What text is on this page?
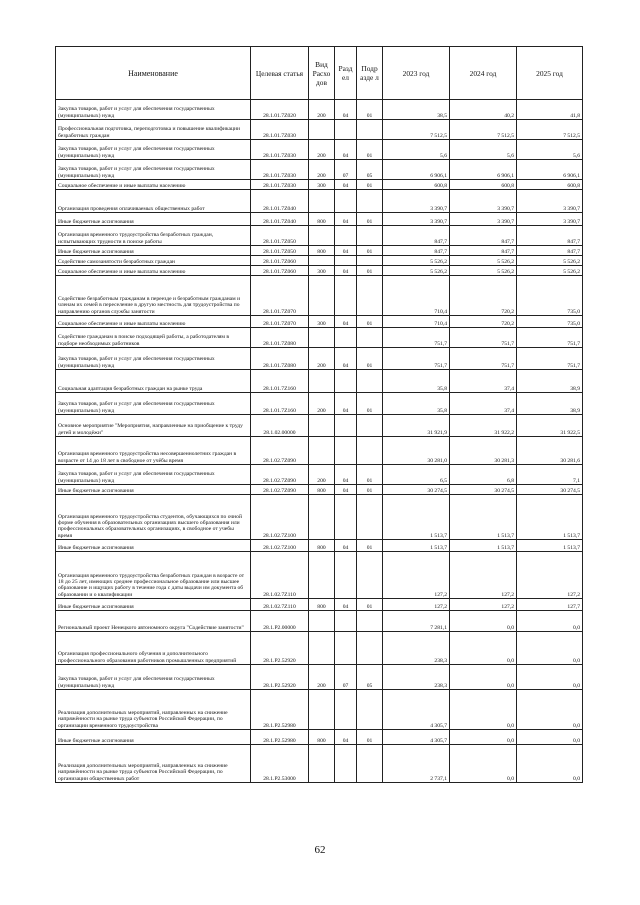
Наименование	Целевая статья	Вид Расхо дов	Разд ел	Подр азде л	2023 год	2024 год	2025 год
Закупка товаров, работ и услуг для обеспечения государственных (муниципальных) нужд	28.1.01.7Z020	200	04	01	38,5	40,2	41,8
Профессиональная подготовка, переподготовка и повышение квалификации безработных граждан	28.1.01.7Z030				7 512,5	7 512,5	7 512,5
Закупка товаров, работ и услуг для обеспечения государственных (муниципальных) нужд	28.1.01.7Z030	200	04	01	5,6	5,6	5,6
Закупка товаров, работ и услуг для обеспечения государственных (муниципальных) нужд	28.1.01.7Z030	200	07	05	6 906,1	6 906,1	6 906,1
Социальное обеспечение и иные выплаты населению	28.1.01.7Z030	300	04	01	600,8	600,8	600,8
Организация проведения оплачиваемых общественных работ	28.1.01.7Z040				3 390,7	3 390,7	3 390,7
Иные бюджетные ассигнования	28.1.01.7Z040	800	04	01	3 390,7	3 390,7	3 390,7
Организация временного трудоустройства безработных граждан, испытывающих трудности в поиске работы	28.1.01.7Z050				847,7	847,7	847,7
Иные бюджетные ассигнования	28.1.01.7Z050	800	04	01	847,7	847,7	847,7
Содействие самозанятости безработных граждан	28.1.01.7Z060				5 526,2	5 526,2	5 526,2
Социальное обеспечение и иные выплаты населению	28.1.01.7Z060	300	04	01	5 526,2	5 526,2	5 526,2
Содействие безработным гражданам в переезде и безработным гражданам и членам их семей в переселение в другую местность для трудоустройства по направлению органов службы занятости	28.1.01.7Z070				710,4	720,2	735,0
Социальное обеспечение и иные выплаты населению	28.1.01.7Z070	300	04	01	710,4	720,2	735,0
Содействие гражданам в поиске подходящей работы, а работодателям в подборе необходимых работников	28.1.01.7Z080				751,7	751,7	751,7
Закупка товаров, работ и услуг для обеспечения государственных (муниципальных) нужд	28.1.01.7Z080	200	04	01	751,7	751,7	751,7
Социальная адаптация безработных граждан на рынке труда	28.1.01.7Z160				35,8	37,4	38,9
Закупка товаров, работ и услуг для обеспечения государственных (муниципальных) нужд	28.1.01.7Z160	200	04	01	35,8	37,4	38,9
Основное мероприятие "Мероприятия, направленные на приобщение к труду детей и молодёжи"	28.1.02.00000				31 921,9	31 922,2	31 922,5
Организация временного трудоустройства несовершеннолетних граждан в возрасте от 14 до 18 лет в свободное от учёбы время	28.1.02.7Z090				30 281,0	30 281,3	30 281,6
Закупка товаров, работ и услуг для обеспечения государственных (муниципальных) нужд	28.1.02.7Z090	200	04	01	6,5	6,8	7,1
Иные бюджетные ассигнования	28.1.02.7Z090	800	04	01	30 274,5	30 274,5	30 274,5
Организация временного трудоустройства студентов, обучающихся по очной форме обучения в образовательных организациях высшего образования или профессиональных образовательных организациях, в свободное от учебы время	28.1.02.7Z100				1 513,7	1 513,7	1 513,7
Иные бюджетные ассигнования	28.1.02.7Z100	800	04	01	1 513,7	1 513,7	1 513,7
Организация временного трудоустройства безработных граждан в возрасте от 18 до 25 лет, имеющих среднее профессиональное образование или высшее образование и ищущих работу в течение года с даты выдачи им документа об образовании и о квалификации	28.1.02.7Z110				127,2	127,2	127,2
Иные бюджетные ассигнования	28.1.02.7Z110	800	04	01	127,2	127,2	127,7
Региональный проект Ненецкого автономного округа "Содействие занятости"	28.1.P2.00000				7 281,1	0,0	0,0
Организация профессионального обучения и дополнительного профессионального образования работников промышленных предприятий	28.1.P2.52920				238,3	0,0	0,0
Закупка товаров, работ и услуг для обеспечения государственных (муниципальных) нужд	28.1.P2.52920	200	07	05	238,3	0,0	0,0
Реализация дополнительных мероприятий, направленных на снижение напряжённости на рынке труда субъектов Российской Федерации, по организации временного трудоустройства	28.1.P2.52980				4 305,7	0,0	0,0
Иные бюджетные ассигнования	28.1.P2.52980	800	04	01	4 305,7	0,0	0,0
Реализация дополнительных мероприятий, направленных на снижение напряжённости на рынке труда субъектов Российской Федерации, по организации общественных работ	28.1.P2.53000				2 737,1	0,0	0,0
62
